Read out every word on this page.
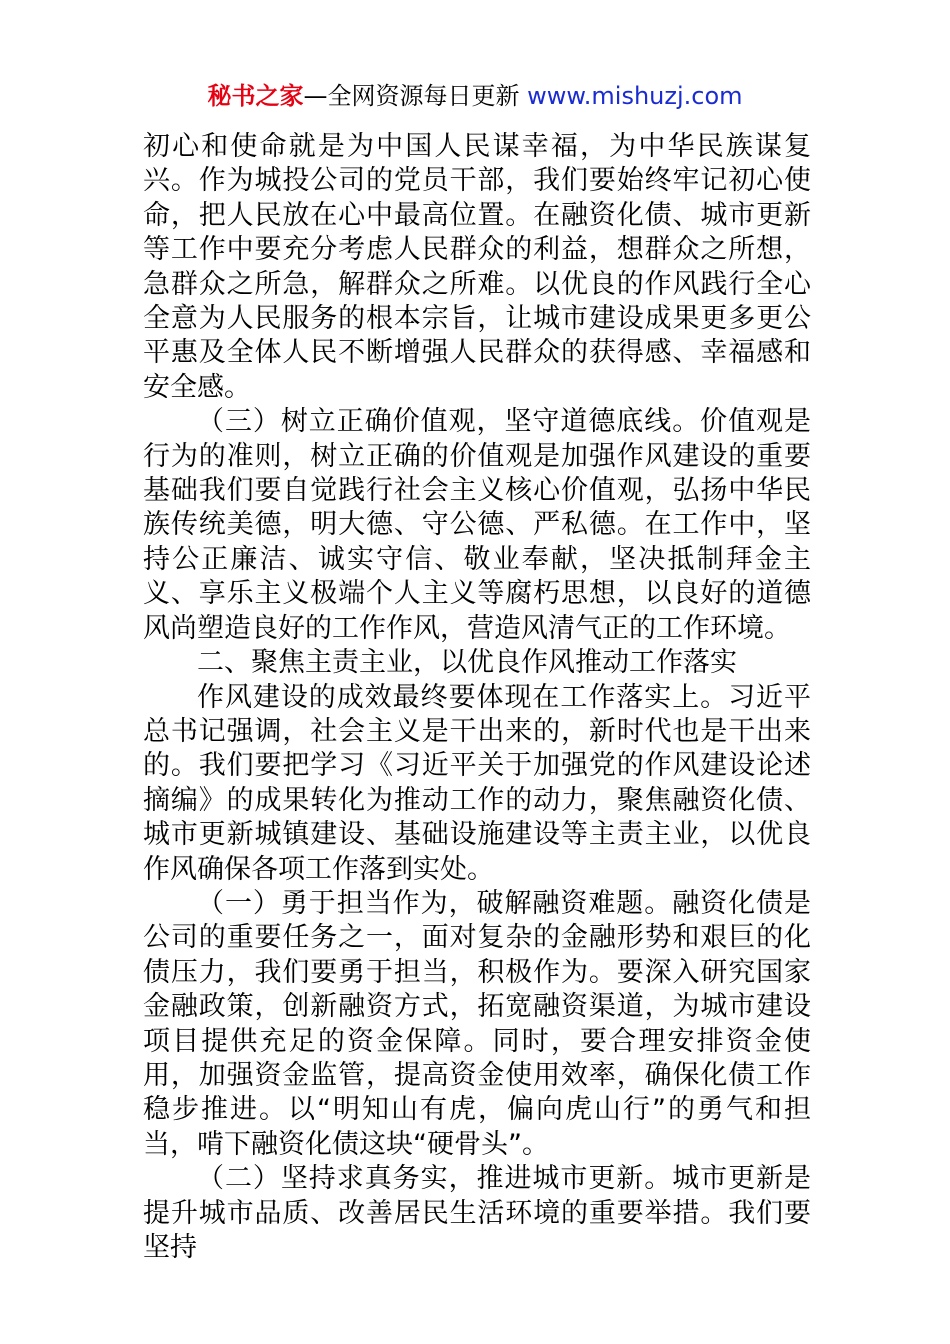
秘书之家—全网资源每日更新 www.mishuzj.com

初心和使命就是为中国人民谋幸福，为中华民族谋复兴。作为城投公司的党员干部，我们要始终牢记初心使命，把人民放在心中最高位置。在融资化债、城市更新等工作中要充分考虑人民群众的利益，想群众之所想，急群众之所急，解群众之所难。以优良的作风践行全心全意为人民服务的根本宗旨，让城市建设成果更多更公平惠及全体人民不断增强人民群众的获得感、幸福感和安全感。

（三）树立正确价值观，坚守道德底线。价值观是行为的准则，树立正确的价值观是加强作风建设的重要基础我们要自觉践行社会主义核心价值观，弘扬中华民族传统美德，明大德、守公德、严私德。在工作中，坚持公正廉洁、诚实守信、敬业奉献，坚决抵制拜金主义、享乐主义极端个人主义等腐朽思想，以良好的道德风尚塑造良好的工作作风，营造风清气正的工作环境。

二、聚焦主责主业，以优良作风推动工作落实

作风建设的成效最终要体现在工作落实上。习近平总书记强调，社会主义是干出来的，新时代也是干出来的。我们要把学习《习近平关于加强党的作风建设论述摘编》的成果转化为推动工作的动力，聚焦融资化债、城市更新城镇建设、基础设施建设等主责主业，以优良作风确保各项工作落到实处。

（一）勇于担当作为，破解融资难题。融资化债是公司的重要任务之一，面对复杂的金融形势和艰巨的化债压力，我们要勇于担当，积极作为。要深入研究国家金融政策，创新融资方式，拓宽融资渠道，为城市建设项目提供充足的资金保障。同时，要合理安排资金使用，加强资金监管，提高资金使用效率，确保化债工作稳步推进。以“明知山有虎，偏向虎山行”的勇气和担当，啃下融资化债这块“硬骨头”。

（二）坚持求真务实，推进城市更新。城市更新是提升城市品质、改善居民生活环境的重要举措。我们要坚持
